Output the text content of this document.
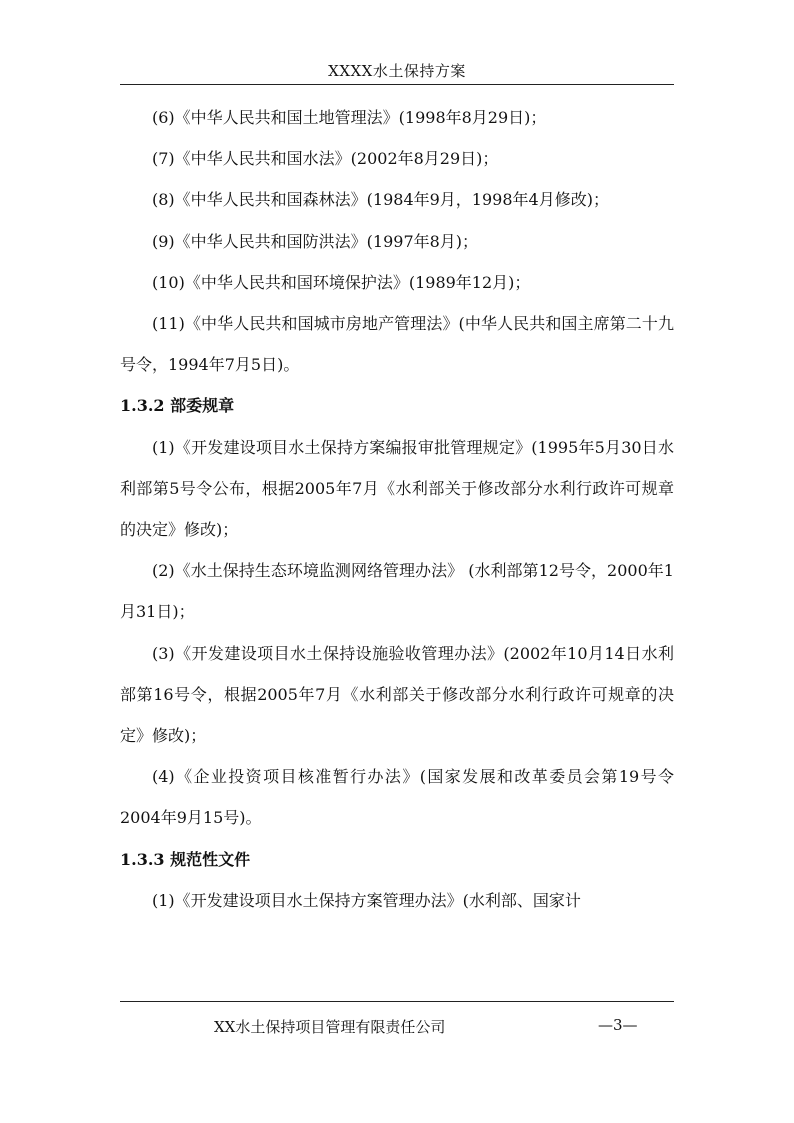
XXXX水土保持方案

(6)《中华人民共和国土地管理法》(1998年8月29日)；

(7)《中华人民共和国水法》(2002年8月29日)；

(8)《中华人民共和国森林法》(1984年9月，1998年4月修改)；

(9)《中华人民共和国防洪法》(1997年8月)；

(10)《中华人民共和国环境保护法》(1989年12月)；

(11)《中华人民共和国城市房地产管理法》(中华人民共和国主席第二十九号令，1994年7月5日)。

1.3.2 部委规章

(1)《开发建设项目水土保持方案编报审批管理规定》(1995年5月30日水利部第5号令公布，根据2005年7月《水利部关于修改部分水利行政许可规章的决定》修改)；

(2)《水土保持生态环境监测网络管理办法》 (水利部第12号令，2000年1月31日)；

(3)《开发建设项目水土保持设施验收管理办法》(2002年10月14日水利部第16号令，根据2005年7月《水利部关于修改部分水利行政许可规章的决定》修改)；

(4)《企业投资项目核准暂行办法》(国家发展和改革委员会第19号令 2004年9月15号)。

1.3.3 规范性文件

(1)《开发建设项目水土保持方案管理办法》(水利部、国家计

XX水土保持项目管理有限责任公司	—3—
